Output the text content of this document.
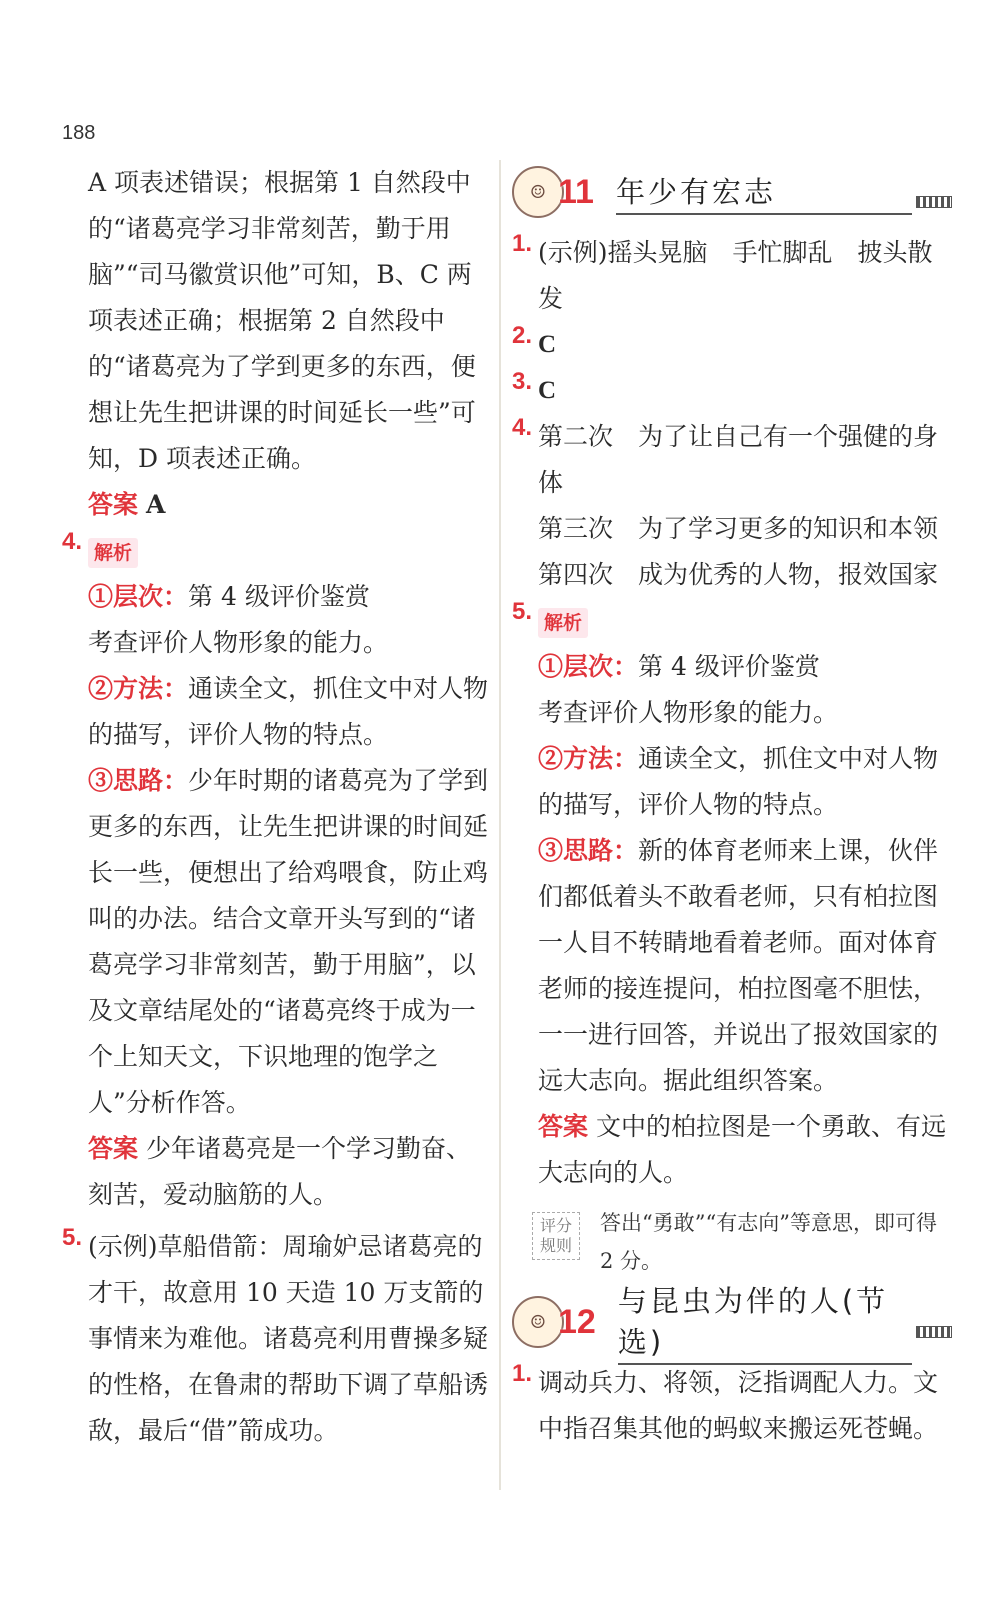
188

A 项表述错误；根据第 1 自然段中的“诸葛亮学习非常刻苦，勤于用脑”“司马徽赏识他”可知，B、C 两项表述正确；根据第 2 自然段中的“诸葛亮为了学到更多的东西，便想让先生把讲课的时间延长一些”可知，D 项表述正确。

答案 A

4. 解析

①层次：第 4 级评价鉴赏

考查评价人物形象的能力。

②方法：通读全文，抓住文中对人物的描写，评价人物的特点。

③思路：少年时期的诸葛亮为了学到更多的东西，让先生把讲课的时间延长一些，便想出了给鸡喂食，防止鸡叫的办法。结合文章开头写到的“诸葛亮学习非常刻苦，勤于用脑”，以及文章结尾处的“诸葛亮终于成为一个上知天文，下识地理的饱学之人”分析作答。

答案 少年诸葛亮是一个学习勤奋、刻苦，爱动脑筋的人。

5. (示例)草船借箭：周瑜妒忌诸葛亮的才干，故意用 10 天造 10 万支箭的事情来为难他。诸葛亮利用曹操多疑的性格，在鲁肃的帮助下调了草船诱敌，最后“借”箭成功。
☺ 11 年少有宏志
1. (示例)摇头晃脑　手忙脚乱　披头散发
2. C
3. C
4. 第二次　为了让自己有一个强健的身体

第三次　为了学习更多的知识和本领

第四次　成为优秀的人物，报效国家

5. 解析

①层次：第 4 级评价鉴赏

考查评价人物形象的能力。

②方法：通读全文，抓住文中对人物的描写，评价人物的特点。

③思路：新的体育老师来上课，伙伴们都低着头不敢看老师，只有柏拉图一人目不转睛地看着老师。面对体育老师的接连提问，柏拉图毫不胆怯，一一进行回答，并说出了报效国家的远大志向。据此组织答案。

答案 文中的柏拉图是一个勇敢、有远大志向的人。

评分规则
答出“勇敢”“有志向”等意思，即可得 2 分。
☺ 12
与昆虫为伴的人(节选)
1. 调动兵力、将领，泛指调配人力。文中指召集其他的蚂蚁来搬运死苍蝇。
